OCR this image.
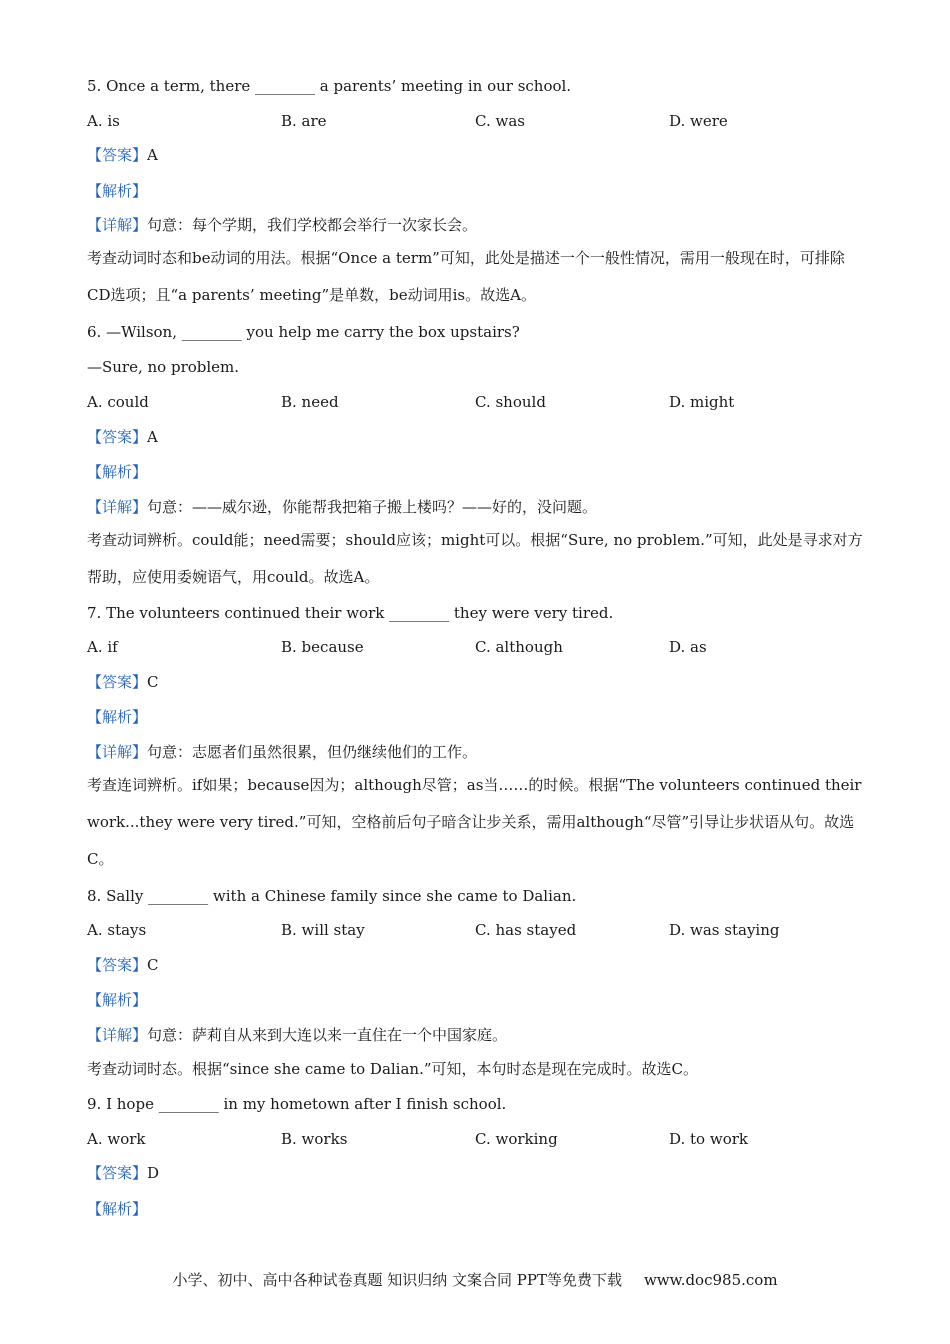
5. Once a term, there ________ a parents’ meeting in our school.
A. is	B. are	C. was	D. were
【答案】A
【解析】
【详解】句意：每个学期，我们学校都会举行一次家长会。
考查动词时态和be动词的用法。根据“Once a term”可知，此处是描述一个一般性情况，需用一般现在时，可排除CD选项；且“a parents’ meeting”是单数，be动词用is。故选A。
6. —Wilson, ________ you help me carry the box upstairs?
—Sure, no problem.
A. could	B. need	C. should	D. might
【答案】A
【解析】
【详解】句意：——威尔逊，你能帮我把箱子搬上楼吗？——好的，没问题。
考查动词辨析。could能；need需要；should应该；might可以。根据“Sure, no problem.”可知，此处是寻求对方帮助，应使用委婉语气，用could。故选A。
7. The volunteers continued their work ________ they were very tired.
A. if	B. because	C. although	D. as
【答案】C
【解析】
【详解】句意：志愿者们虽然很累，但仍继续他们的工作。
考查连词辨析。if如果；because因为；although尽管；as当……的时候。根据“The volunteers continued their work...they were very tired.”可知，空格前后句子暗含让步关系，需用although“尽管”引导让步状语从句。故选C。
8. Sally ________ with a Chinese family since she came to Dalian.
A. stays	B. will stay	C. has stayed	D. was staying
【答案】C
【解析】
【详解】句意：萨莉自从来到大连以来一直住在一个中国家庭。
考查动词时态。根据“since she came to Dalian.”可知，本句时态是现在完成时。故选C。
9. I hope ________ in my hometown after I finish school.
A. work	B. works	C. working	D. to work
【答案】D
【解析】
小学、初中、高中各种试卷真题 知识归纳 文案合同 PPT等免费下载 www.doc985.com
